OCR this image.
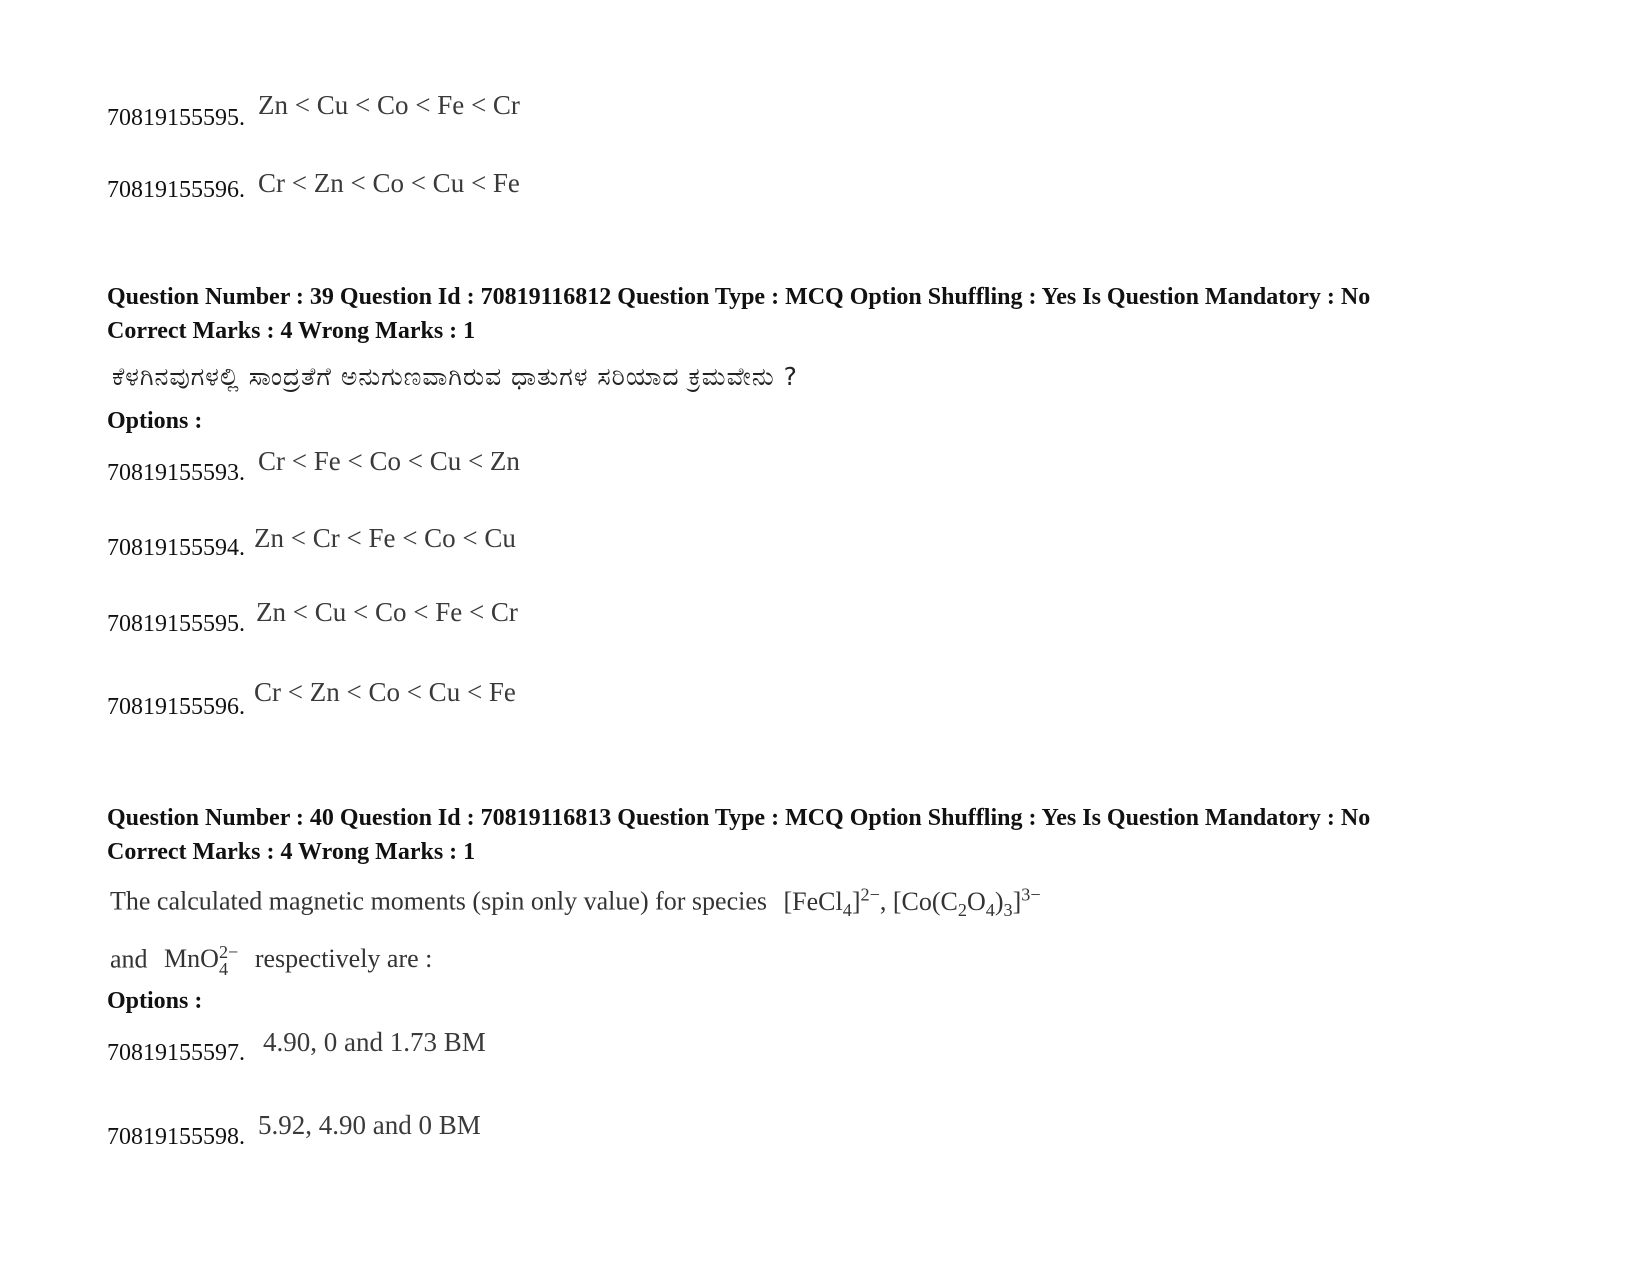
70819155595. Zn < Cu < Co < Fe < Cr
70819155596. Cr < Zn < Co < Cu < Fe
Question Number : 39 Question Id : 70819116812 Question Type : MCQ Option Shuffling : Yes Is Question Mandatory : No
Correct Marks : 4 Wrong Marks : 1
ಕೆಳಗಿನವುಗಳಲ್ಲಿ ಸಾಂದ್ರತೆಗೆ ಅನುಗುಣವಾಗಿರುವ ಧಾತುಗಳ ಸರಿಯಾದ ಕ್ರಮವೇನು ?
Options :
70819155593. Cr < Fe < Co < Cu < Zn
70819155594. Zn < Cr < Fe < Co < Cu
70819155595. Zn < Cu < Co < Fe < Cr
70819155596. Cr < Zn < Co < Cu < Fe
Question Number : 40 Question Id : 70819116813 Question Type : MCQ Option Shuffling : Yes Is Question Mandatory : No
Correct Marks : 4 Wrong Marks : 1
The calculated magnetic moments (spin only value) for species [FeCl$_4$]$^{2-}$, $[Co(C_2O_4)_3]^{3-}$
and MnO 2−
4	respectively are :
Options :
70819155597. 4.90, 0 and 1.73 BM
70819155598. 5.92, 4.90 and 0 BM
